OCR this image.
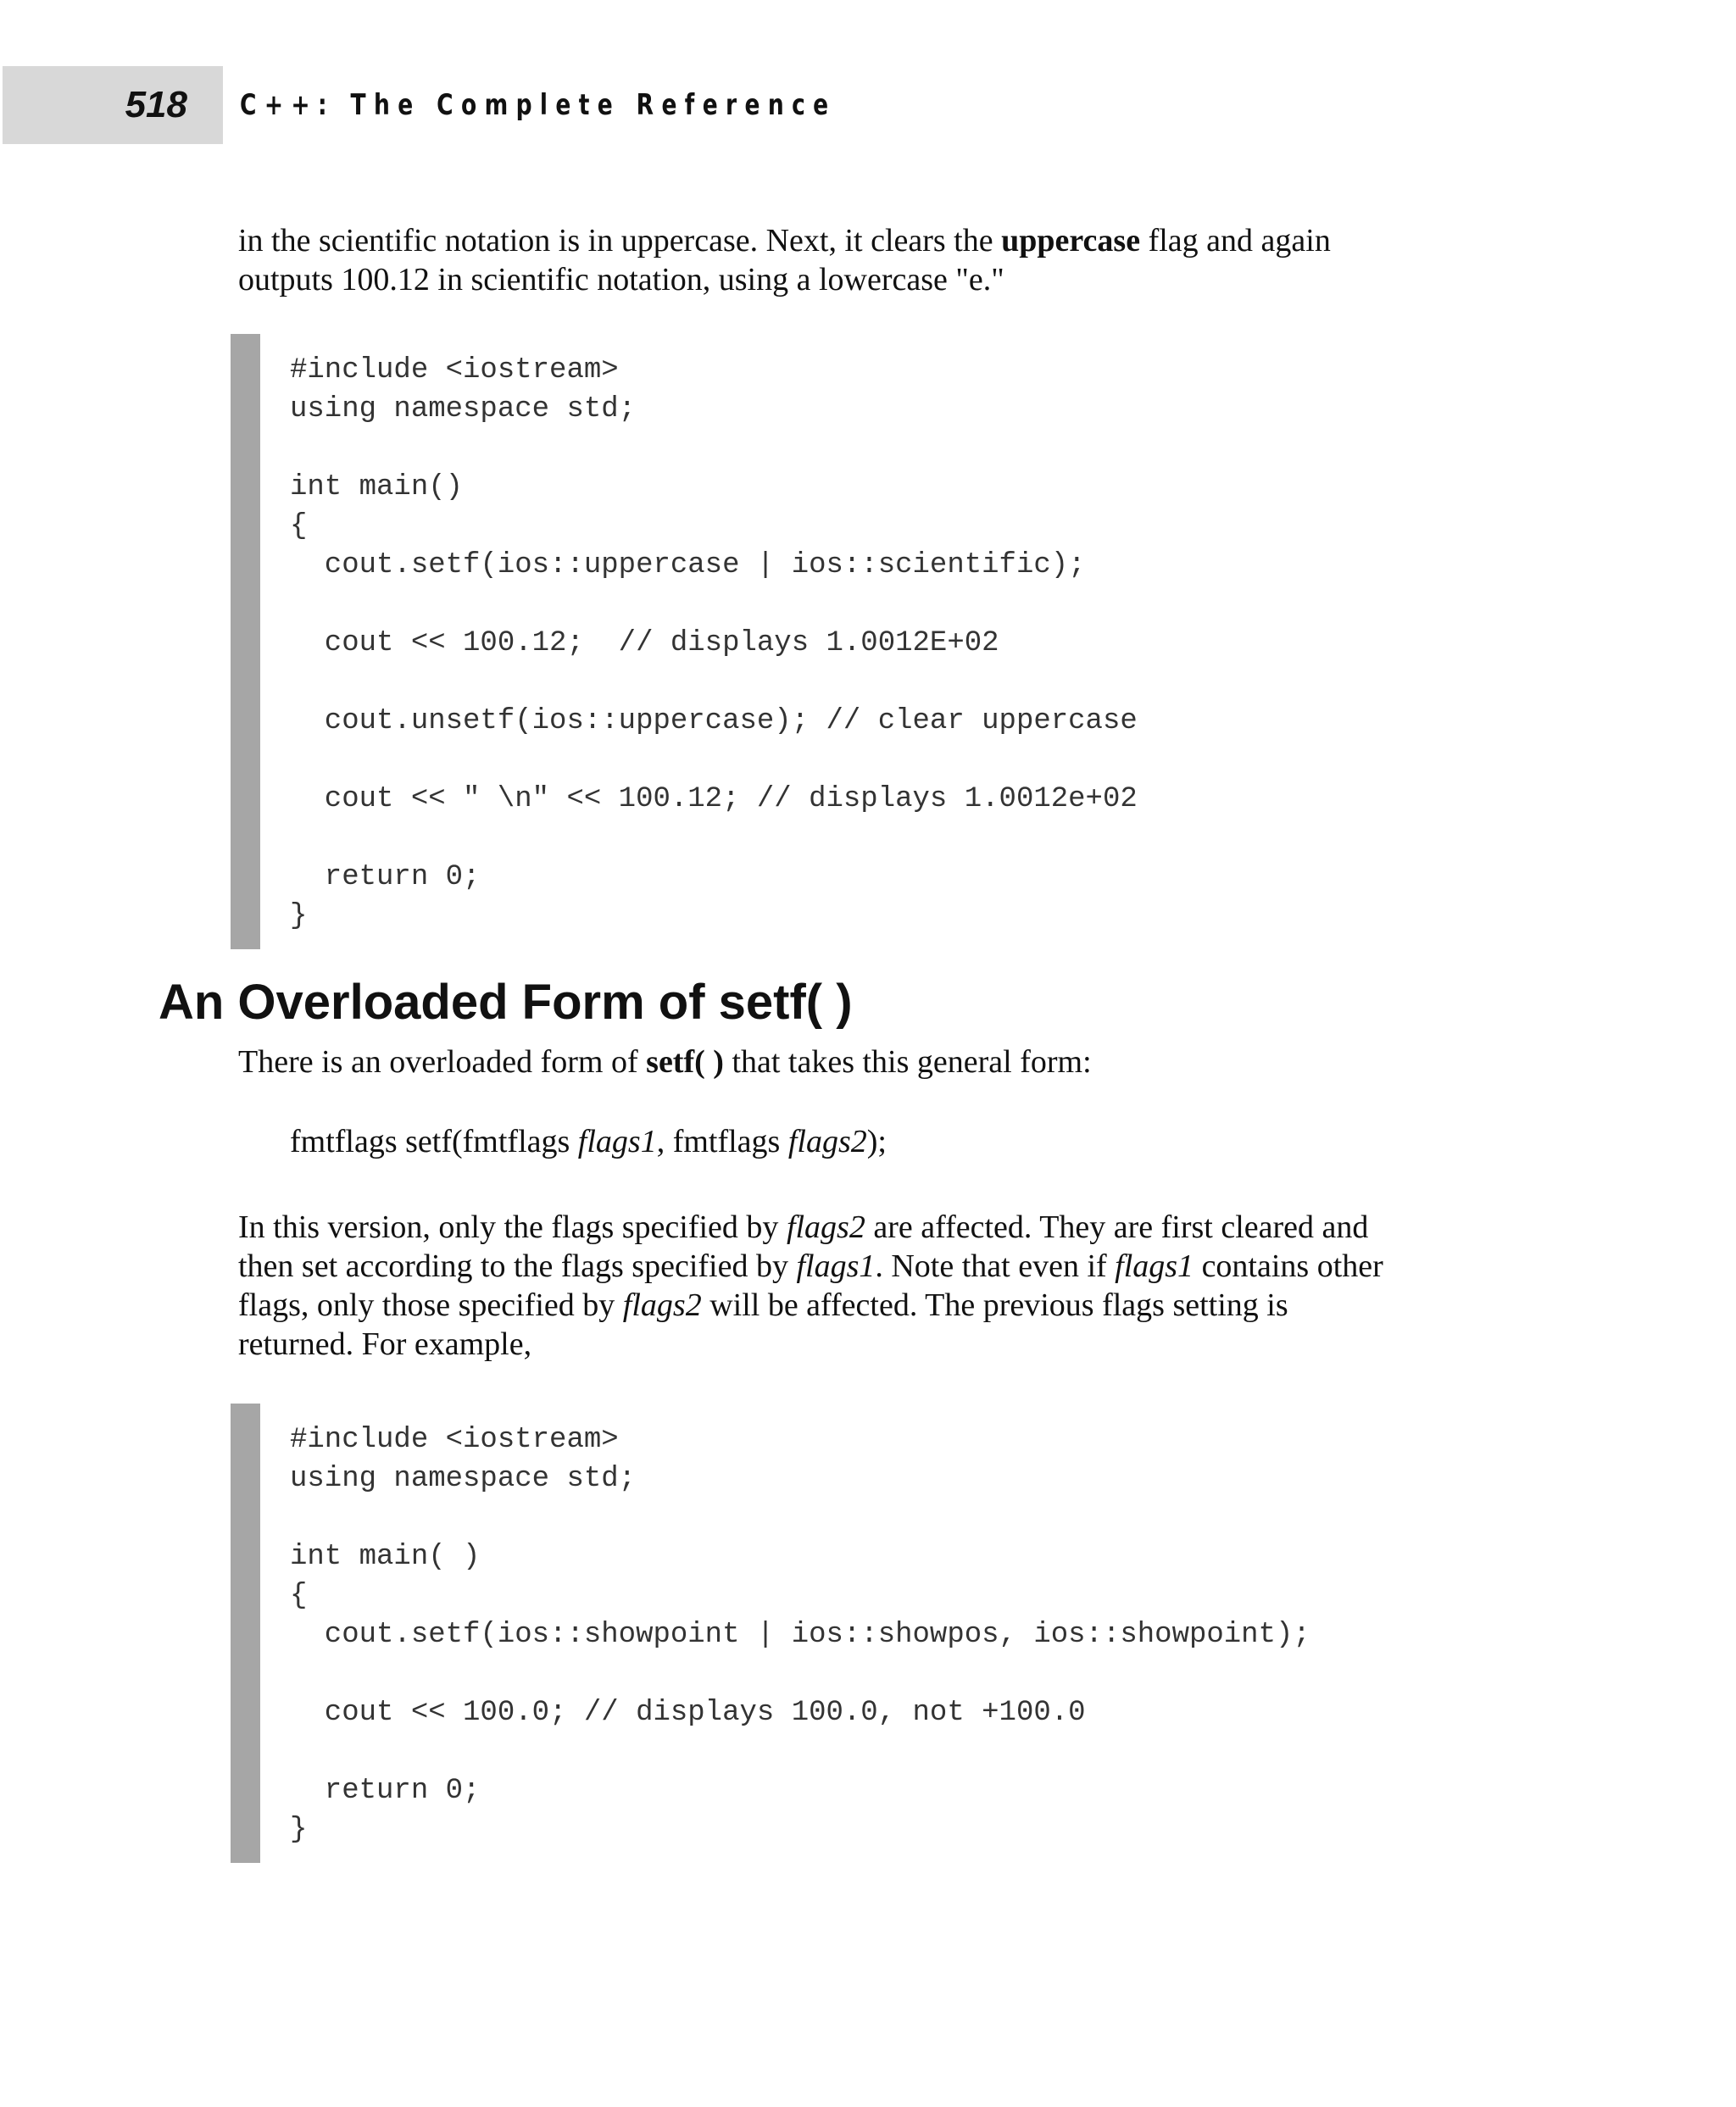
518 C++: The Complete Reference
in the scientific notation is in uppercase. Next, it clears the uppercase flag and again
outputs 100.12 in scientific notation, using a lowercase "e."
#include <iostream>
using namespace std;
int main()
{
cout.setf(ios::uppercase | ios::scientific);
cout << 100.12;  // displays 1.0012E+02
cout.unsetf(ios::uppercase); // clear uppercase
cout << " \n" << 100.12; // displays 1.0012e+02
return 0;
}
An Overloaded Form of setf( )
There is an overloaded form of setf( ) that takes this general form:
fmtflags setf(fmtflags flags1, fmtflags flags2);
In this version, only the flags specified by flags2 are affected. They are first cleared and
then set according to the flags specified by flags1. Note that even if flags1 contains other
flags, only those specified by flags2 will be affected. The previous flags setting is
returned. For example,
#include <iostream>
using namespace std;
int main( )
{
cout.setf(ios::showpoint | ios::showpos, ios::showpoint);
cout << 100.0; // displays 100.0, not +100.0
return 0;
}
